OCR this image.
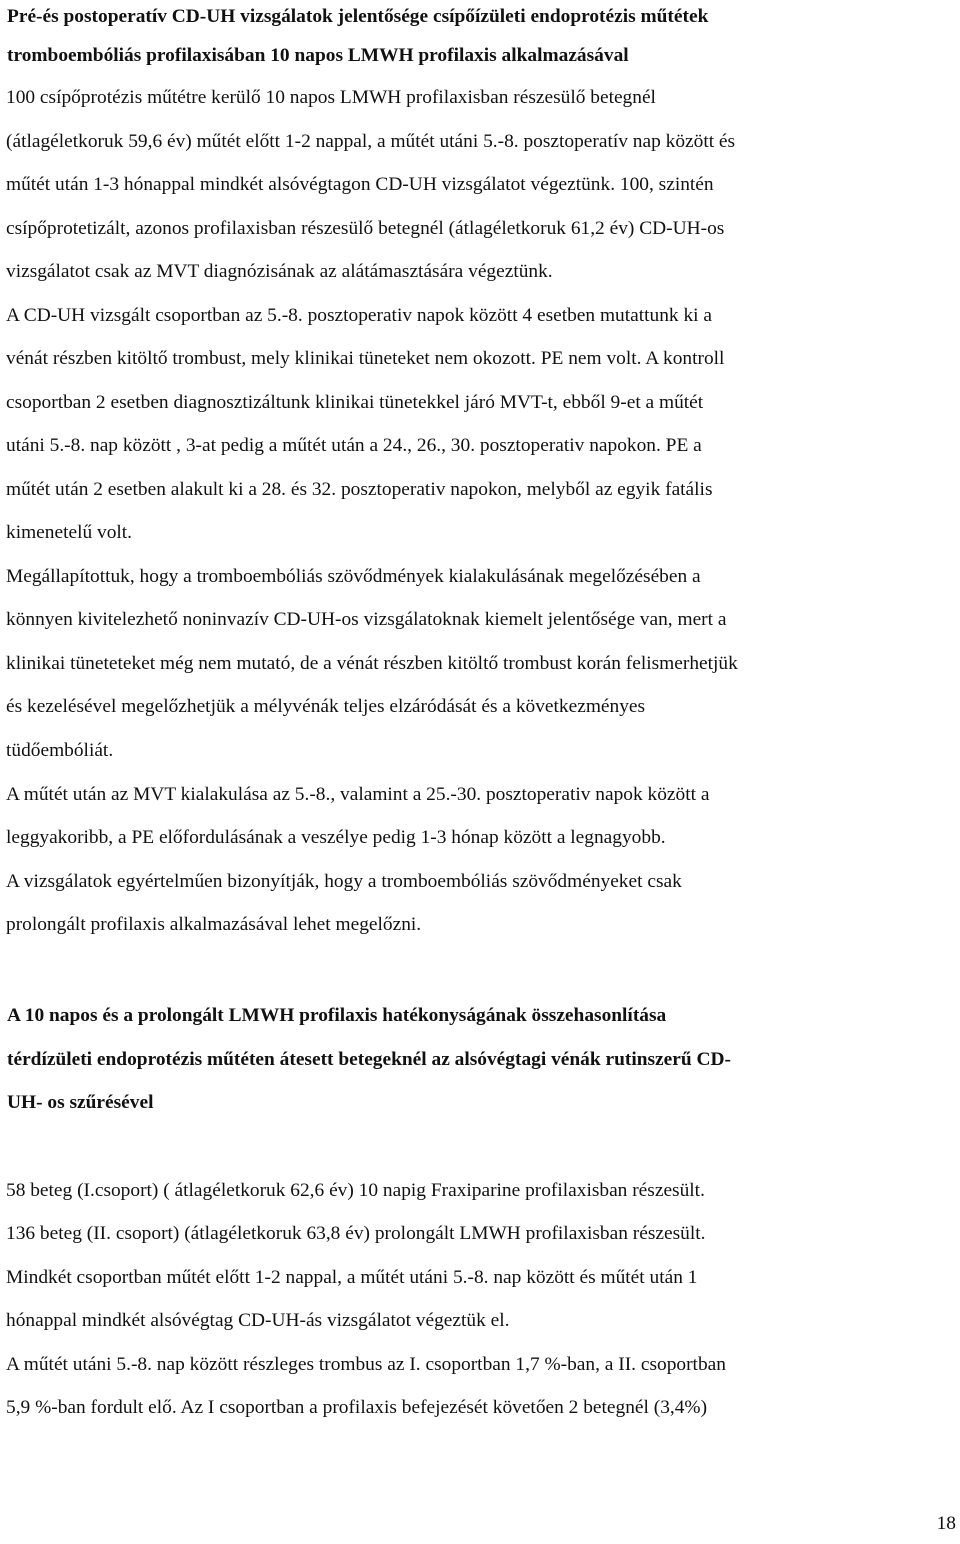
Pré-és postoperatív CD-UH vizsgálatok jelentősége csípőízületi endoprotézis műtétek
tromboembóliás profilaxisában 10 napos LMWH profilaxis alkalmazásával
100 csípőprotézis műtétre kerülő 10 napos LMWH profilaxisban részesülő betegnél
(átlagéletkoruk 59,6 év) műtét előtt 1-2 nappal, a műtét utáni 5.-8. posztoperatív nap között és
műtét után 1-3 hónappal mindkét alsóvégtagon CD-UH vizsgálatot végeztünk. 100, szintén
csípőprotetizált, azonos profilaxisban részesülő betegnél (átlagéletkoruk 61,2 év) CD-UH-os
vizsgálatot csak az MVT diagnózisának az alátámasztására végeztünk.
A CD-UH vizsgált csoportban az 5.-8. posztoperativ napok között 4 esetben mutattunk ki a
vénát részben kitöltő trombust, mely klinikai tüneteket nem okozott. PE nem volt. A kontroll
csoportban 2 esetben diagnosztizáltunk klinikai tünetekkel járó MVT-t, ebből 9-et a műtét
utáni 5.-8. nap között , 3-at pedig a műtét után a 24., 26., 30. posztoperativ napokon. PE a
műtét után 2 esetben alakult ki a 28. és 32. posztoperativ napokon, melyből az egyik fatális
kimenetelű volt.
Megállapítottuk, hogy a tromboembóliás szövődmények kialakulásának megelőzésében a
könnyen kivitelezhető noninvazív CD-UH-os vizsgálatoknak kiemelt jelentősége van, mert a
klinikai tüneteteket még nem mutató, de a vénát részben kitöltő trombust korán felismerhetjük
és kezelésével megelőzhetjük a mélyvénák teljes elzáródását és a következményes
tüdőembóliát.
A műtét után az MVT kialakulása az 5.-8., valamint a 25.-30. posztoperativ napok között a
leggyakoribb, a PE előfordulásának a veszélye pedig 1-3 hónap között a legnagyobb.
A vizsgálatok egyértelműen bizonyítják, hogy a tromboembóliás szövődményeket csak
prolongált profilaxis alkalmazásával lehet megelőzni.
A 10 napos és a prolongált LMWH profilaxis hatékonyságának összehasonlítása
térdízületi endoprotézis műtéten átesett betegeknél az alsóvégtagi vénák rutinszerű CD-
UH- os szűrésével
58 beteg (I.csoport) ( átlagéletkoruk 62,6 év) 10 napig Fraxiparine profilaxisban részesült.
136 beteg (II. csoport) (átlagéletkoruk 63,8 év) prolongált LMWH profilaxisban részesült.
Mindkét csoportban műtét előtt 1-2 nappal, a műtét utáni 5.-8. nap között és műtét után 1
hónappal mindkét alsóvégtag CD-UH-ás vizsgálatot végeztük el.
A műtét utáni 5.-8. nap között részleges trombus az I. csoportban 1,7 %-ban, a II. csoportban
5,9 %-ban fordult elő. Az I csoportban a profilaxis befejezését követően 2 betegnél (3,4%)
18
